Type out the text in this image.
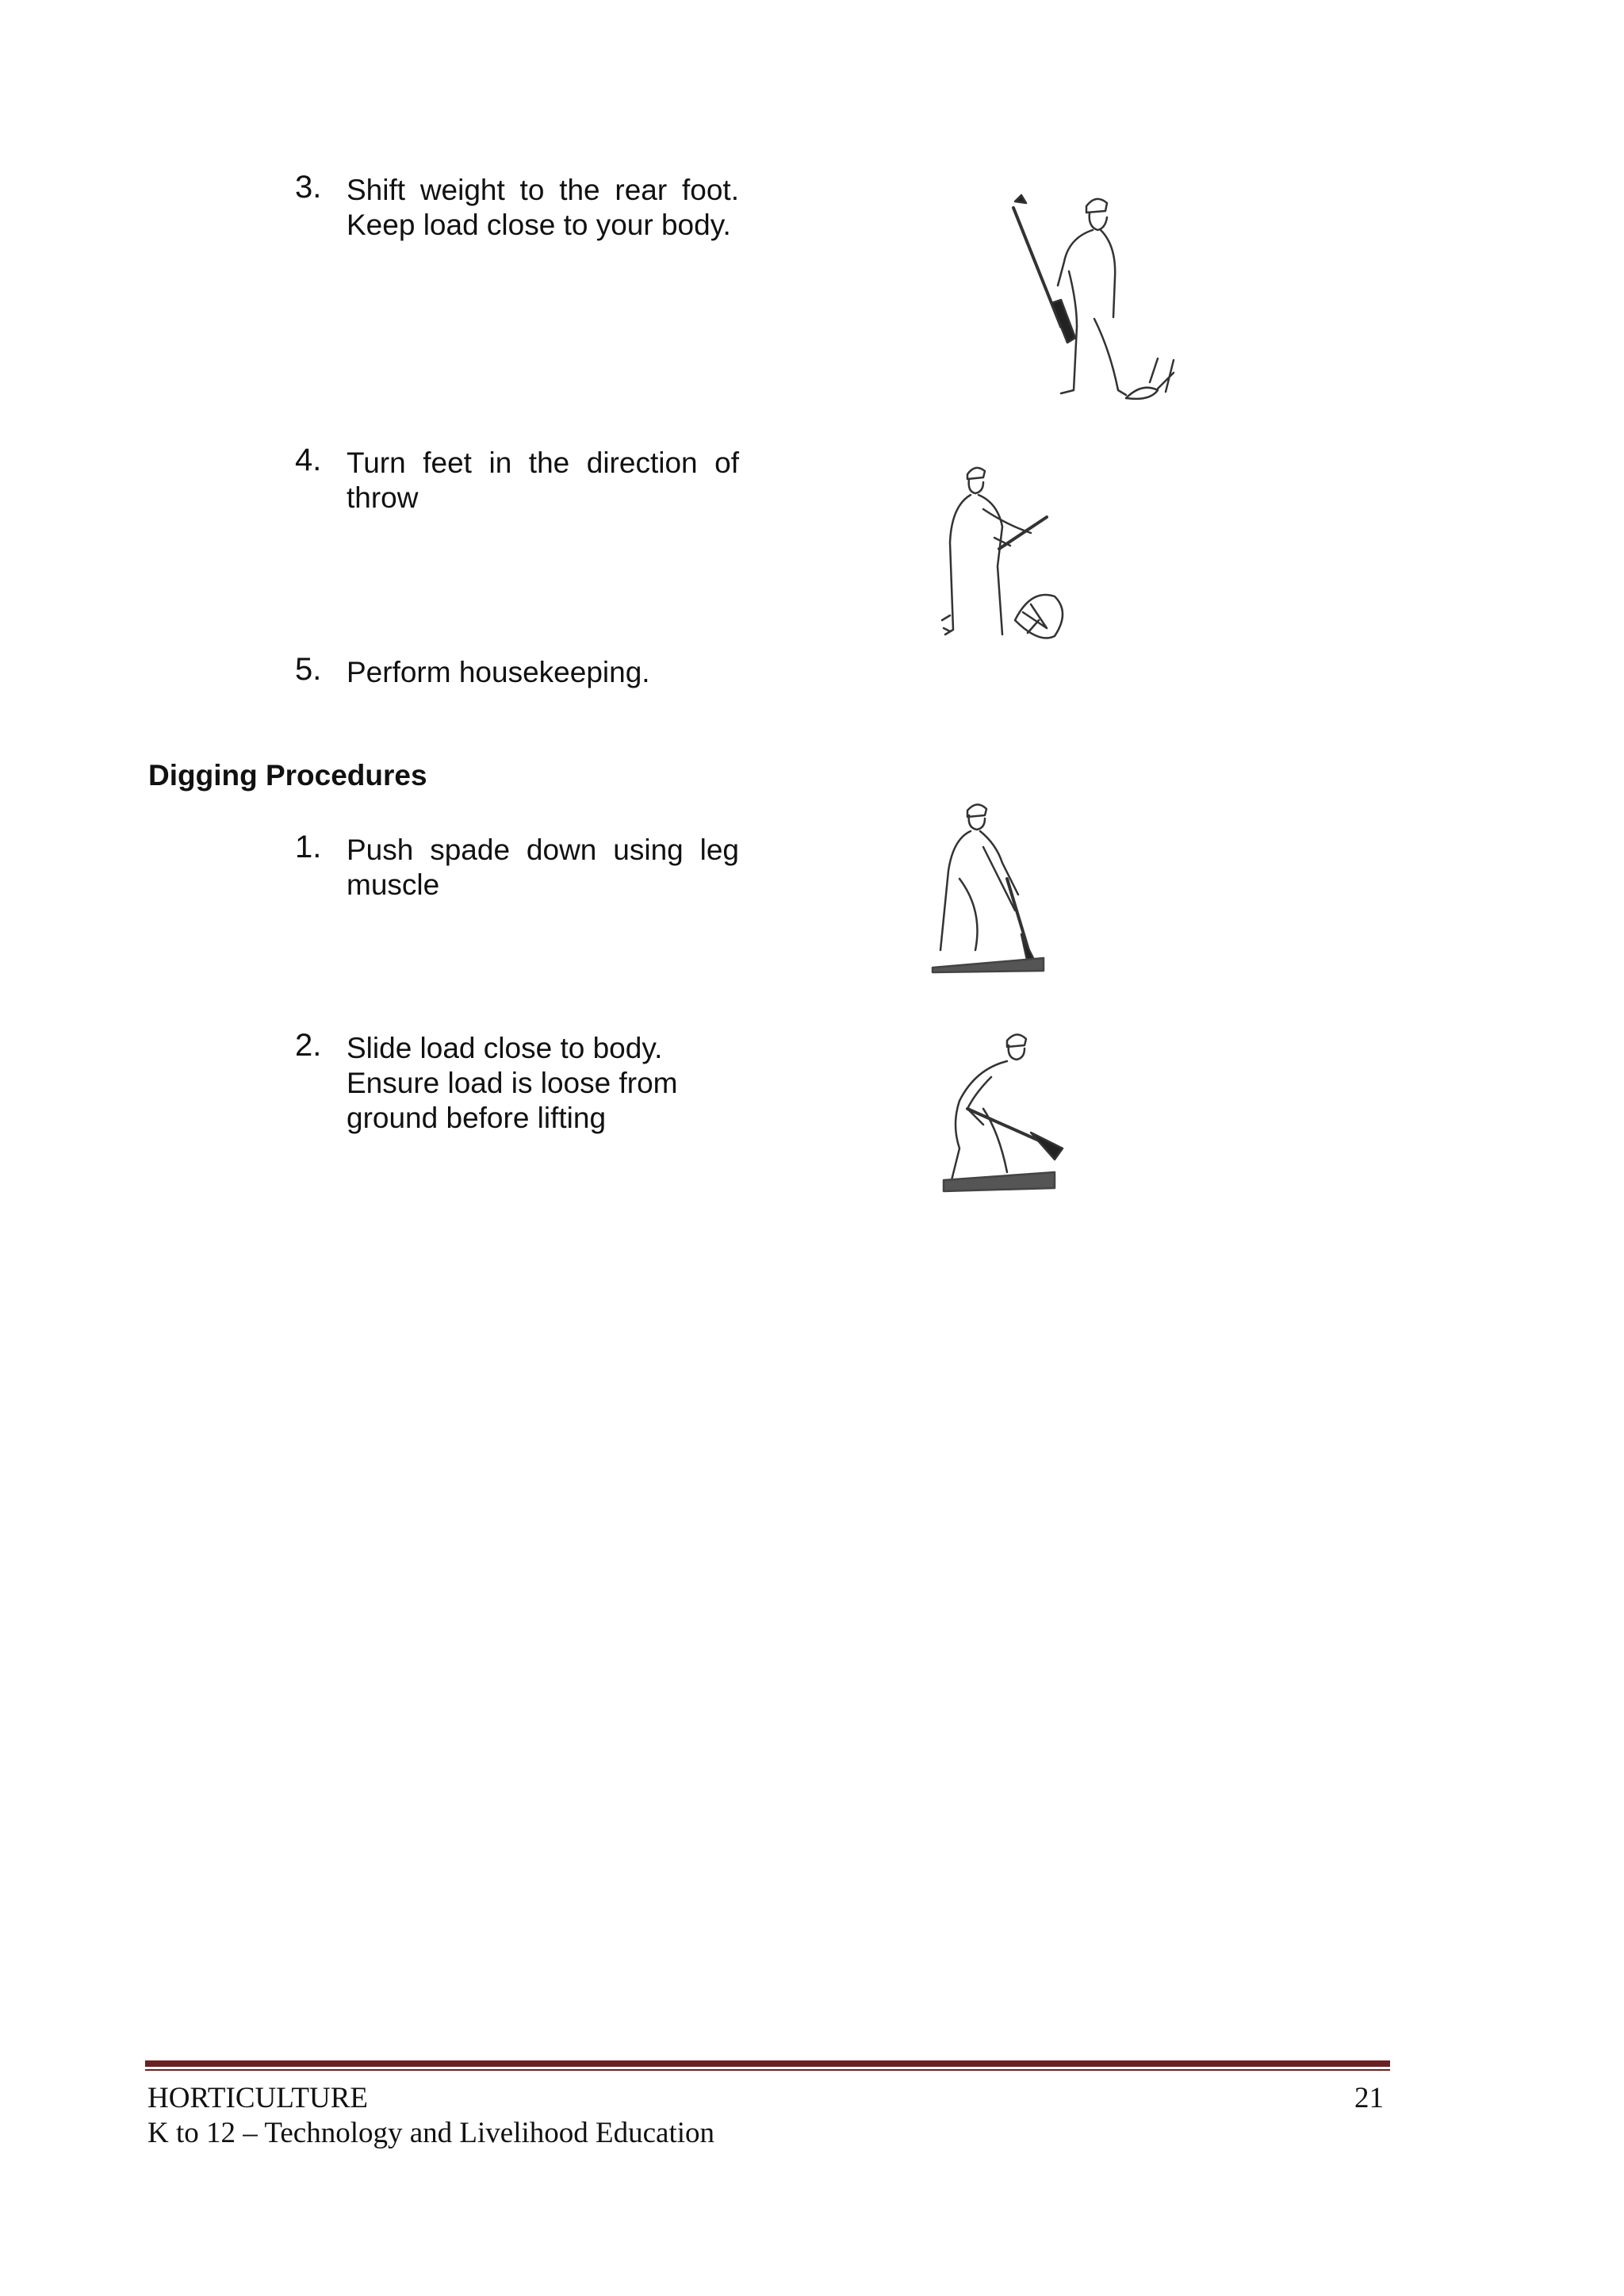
3. Shift weight to the rear foot. Keep load close to your body.
4. Turn feet in the direction of throw
5. Perform housekeeping.
Digging Procedures
1. Push spade down using leg muscle
2. Slide load close to body. Ensure load is loose from ground before lifting
HORTICULTURE	21
K to 12 – Technology and Livelihood Education
